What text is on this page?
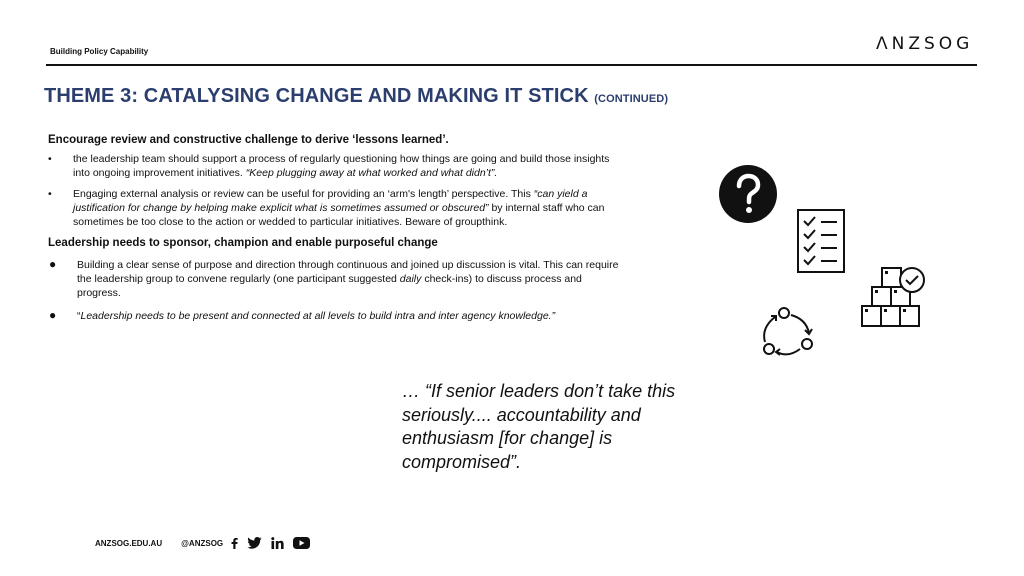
Building Policy Capability	ΛNZSOG
THEME 3: CATALYSING CHANGE AND MAKING IT STICK (CONTINUED)
Encourage review and constructive challenge to derive ‘lessons learned’.
• the leadership team should support a process of regularly questioning how things are going and build those insights into ongoing improvement initiatives. “Keep plugging away at what worked and what didn’t”.
• Engaging external analysis or review can be useful for providing an ‘arm's length’ perspective. This “can yield a justification for change by helping make explicit what is sometimes assumed or obscured” by internal staff who can sometimes be too close to the action or wedded to particular initiatives. Beware of groupthink.
Leadership needs to sponsor, champion and enable purposeful change
● Building a clear sense of purpose and direction through continuous and joined up discussion is vital. This can require the leadership group to convene regularly (one participant suggested daily check-ins) to discuss process and progress.
● “Leadership needs to be present and connected at all levels to build intra and inter agency knowledge.”
… “If senior leaders don’t take this seriously.... accountability and enthusiasm [for change] is compromised”.
ANZSOG.EDU.AU @ANZSOG
